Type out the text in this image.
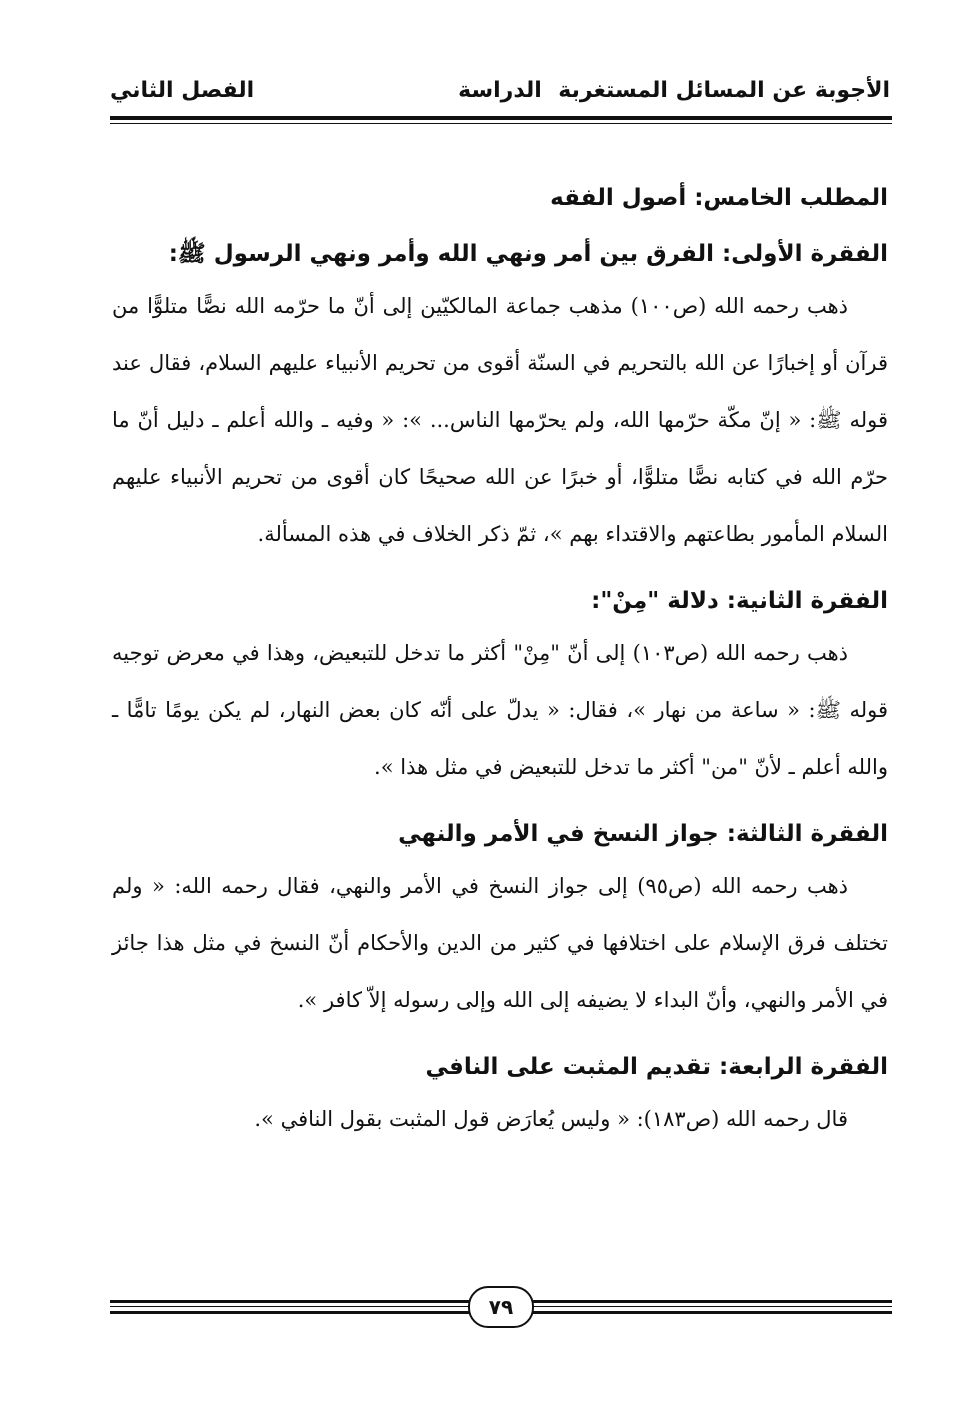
الأجوبة عن المسائل المستغربة
الدراسة
الفصل الثاني
المطلب الخامس: أصول الفقه
الفقرة الأولى: الفرق بين أمر ونهي الله وأمر ونهي الرسول ﷺ:

ذهب رحمه الله (ص١٠٠) مذهب جماعة المالكيّين إلى أنّ ما حرّمه الله نصًّا متلوًّا من قرآن أو إخبارًا عن الله بالتحريم في السنّة أقوى من تحريم الأنبياء عليهم السلام، فقال عند قوله ﷺ: « إنّ مكّة حرّمها الله، ولم يحرّمها الناس... »: « وفيه ـ والله أعلم ـ دليل أنّ ما حرّم الله في كتابه نصًّا متلوًّا، أو خبرًا عن الله صحيحًا كان أقوى من تحريم الأنبياء عليهم السلام المأمور بطاعتهم والاقتداء بهم »، ثمّ ذكر الخلاف في هذه المسألة.

الفقرة الثانية: دلالة "مِنْ":

ذهب رحمه الله (ص١٠٣) إلى أنّ "مِنْ" أكثر ما تدخل للتبعيض، وهذا في معرض توجيه قوله ﷺ: « ساعة من نهار »، فقال: « يدلّ على أنّه كان بعض النهار، لم يكن يومًا تامًّا ـ والله أعلم ـ لأنّ "من" أكثر ما تدخل للتبعيض في مثل هذا ».

الفقرة الثالثة: جواز النسخ في الأمر والنهي

ذهب رحمه الله (ص٩٥) إلى جواز النسخ في الأمر والنهي، فقال رحمه الله: « ولم تختلف فرق الإسلام على اختلافها في كثير من الدين والأحكام أنّ النسخ في مثل هذا جائز في الأمر والنهي، وأنّ البداء لا يضيفه إلى الله وإلى رسوله إلاّ كافر ».

الفقرة الرابعة: تقديم المثبت على النافي

قال رحمه الله (ص١٨٣): « وليس يُعارَض قول المثبت بقول النافي ».

٧٩
